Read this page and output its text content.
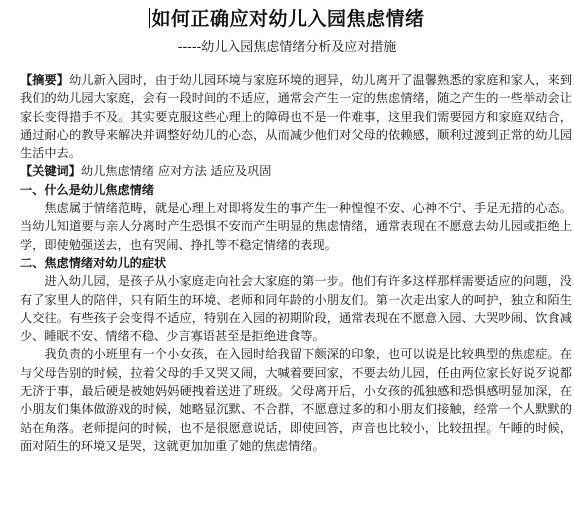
如何正确应对幼儿入园焦虑情绪
-----幼儿入园焦虑情绪分析及应对措施

【摘要】幼儿新入园时，由于幼儿园环境与家庭环境的迥异，幼儿离开了温馨熟悉的家庭和家人，来到我们的幼儿园大家庭，会有一段时间的不适应，通常会产生一定的焦虑情绪，随之产生的一些举动会让家长变得措手不及。其实要克服这些心理上的障碍也不是一件难事，这里我们需要园方和家庭双结合，通过耐心的教导来解决并调整好幼儿的心态，从而减少他们对父母的依赖感，顺利过渡到正常的幼儿园生活中去。

【关键词】幼儿焦虑情绪 应对方法 适应及巩固

一、什么是幼儿焦虑情绪

焦虑属于情绪范畴，就是心理上对即将发生的事产生一种惶惶不安、心神不宁、手足无措的心态。当幼儿知道要与亲人分离时产生恐惧不安而产生明显的焦虑情绪，通常表现在不愿意去幼儿园或拒绝上学，即使勉强送去，也有哭闹、挣扎等不稳定情绪的表现。

二、焦虑情绪对幼儿的症状

进入幼儿园，是孩子从小家庭走向社会大家庭的第一步。他们有许多这样那样需要适应的问题，没有了家里人的陪伴，只有陌生的环境、老师和同年龄的小朋友们。第一次走出家人的呵护，独立和陌生人交往。有些孩子会变得不适应，特别在入园的初期阶段，通常表现在不愿意入园、大哭吵闹、饮食减少、睡眠不安、情绪不稳、少言寡语甚至是拒绝进食等。

我负责的小班里有一个小女孩，在入园时给我留下颇深的印象，也可以说是比较典型的焦虑症。在与父母告别的时候，拉着父母的手又哭又闹，大喊着要回家，不要去幼儿园，任由两位家长好说歹说都无济于事，最后硬是被她妈妈硬拽着送进了班级。父母离开后，小女孩的孤独感和恐惧感明显加深，在小朋友们集体做游戏的时候，她略显沉默、不合群，不愿意过多的和小朋友们接触，经常一个人默默的站在角落。老师提问的时候，也不是很愿意说话，即使回答，声音也比较小，比较扭捏。午睡的时候，面对陌生的环境又是哭，这就更加加重了她的焦虑情绪。
